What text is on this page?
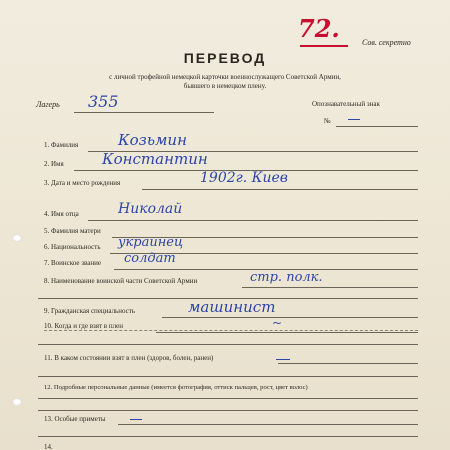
72.	Сов. секретно
ПЕРЕВОД
с личной трофейной немецкой карточки военнослужащего Советской Армии,
бывшего в немецком плену.
Лагерь 355	Опознавательный знак
№
1. Фамилия	Козьмин
2. Имя	Константин
3. Дата и место рождения	1902г. Киев
4. Имя отца	Николай
5. Фамилия матери
6. Национальность украинец
7. Воинское звание солдат
8. Наименование воинской части Советской Армии	стр. полк.
9. Гражданская специальность	машинист
~
10. Когда и где взят в плен
11. В каком состоянии взят в плен (здоров, болен, ранен)
12. Подробные персональные данные (имеется фотография, оттиск пальцев, рост, цвет волос)
13. Особые приметы
14.
